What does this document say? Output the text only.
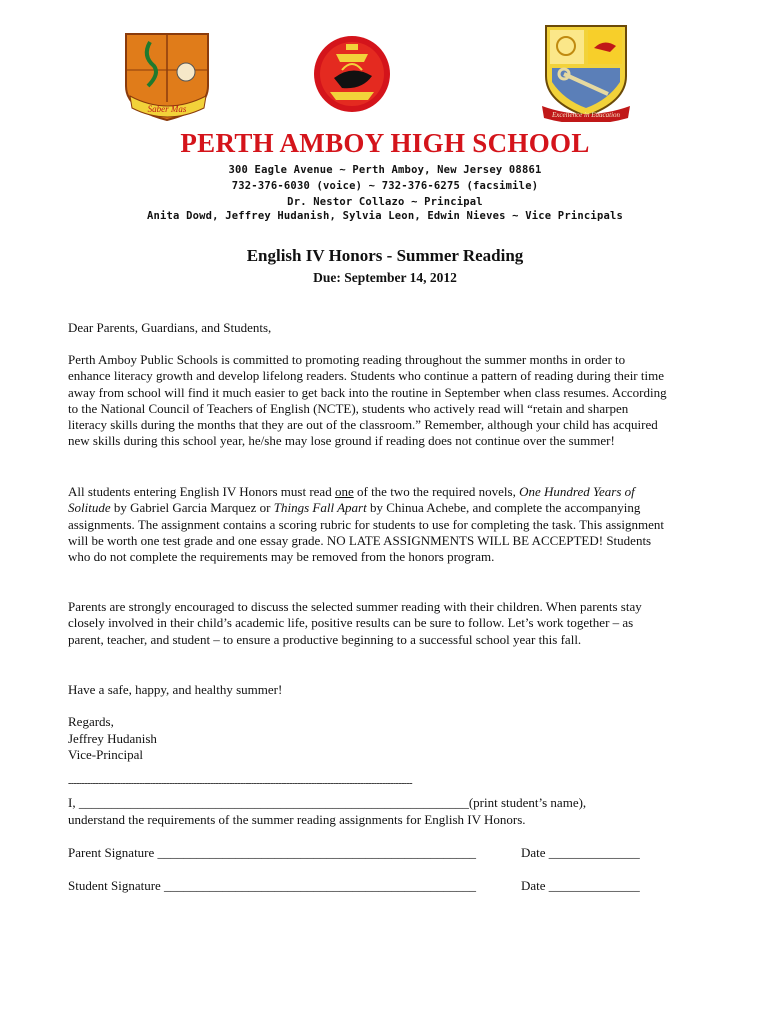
Saber Mas
Excellence in Education
PERTH AMBOY HIGH SCHOOL
300 Eagle Avenue ~ Perth Amboy, New Jersey 08861
732-376-6030 (voice) ~ 732-376-6275 (facsimile)
Dr. Nestor Collazo ~ Principal
Anita Dowd, Jeffrey Hudanish, Sylvia Leon, Edwin Nieves ~ Vice Principals
English IV Honors - Summer Reading
Due: September 14, 2012
Dear Parents, Guardians, and Students,
Perth Amboy Public Schools is committed to promoting reading throughout the summer months in order to enhance literacy growth and develop lifelong readers. Students who continue a pattern of reading during their time away from school will find it much easier to get back into the routine in September when class resumes. According to the National Council of Teachers of English (NCTE), students who actively read will “retain and sharpen literacy skills during the months that they are out of the classroom.” Remember, although your child has acquired new skills during this school year, he/she may lose ground if reading does not continue over the summer!
All students entering English IV Honors must read one of the two the required novels, One Hundred Years of Solitude by Gabriel Garcia Marquez or Things Fall Apart by Chinua Achebe, and complete the accompanying assignments. The assignment contains a scoring rubric for students to use for completing the task. This assignment will be worth one test grade and one essay grade. NO LATE ASSIGNMENTS WILL BE ACCEPTED! Students who do not complete the requirements may be removed from the honors program.
Parents are strongly encouraged to discuss the selected summer reading with their children. When parents stay closely involved in their child’s academic life, positive results can be sure to follow. Let’s work together – as parent, teacher, and student – to ensure a productive beginning to a successful school year this fall.
Have a safe, happy, and healthy summer!
Regards,
Jeffrey Hudanish
Vice-Principal
------------------------------------------------------------------------------------------------------------------------------
I, ____________________________________________________________(print student’s name),
understand the requirements of the summer reading assignments for English IV Honors.
Parent Signature _________________________________________________	Date ______________
Student Signature ________________________________________________	Date ______________
